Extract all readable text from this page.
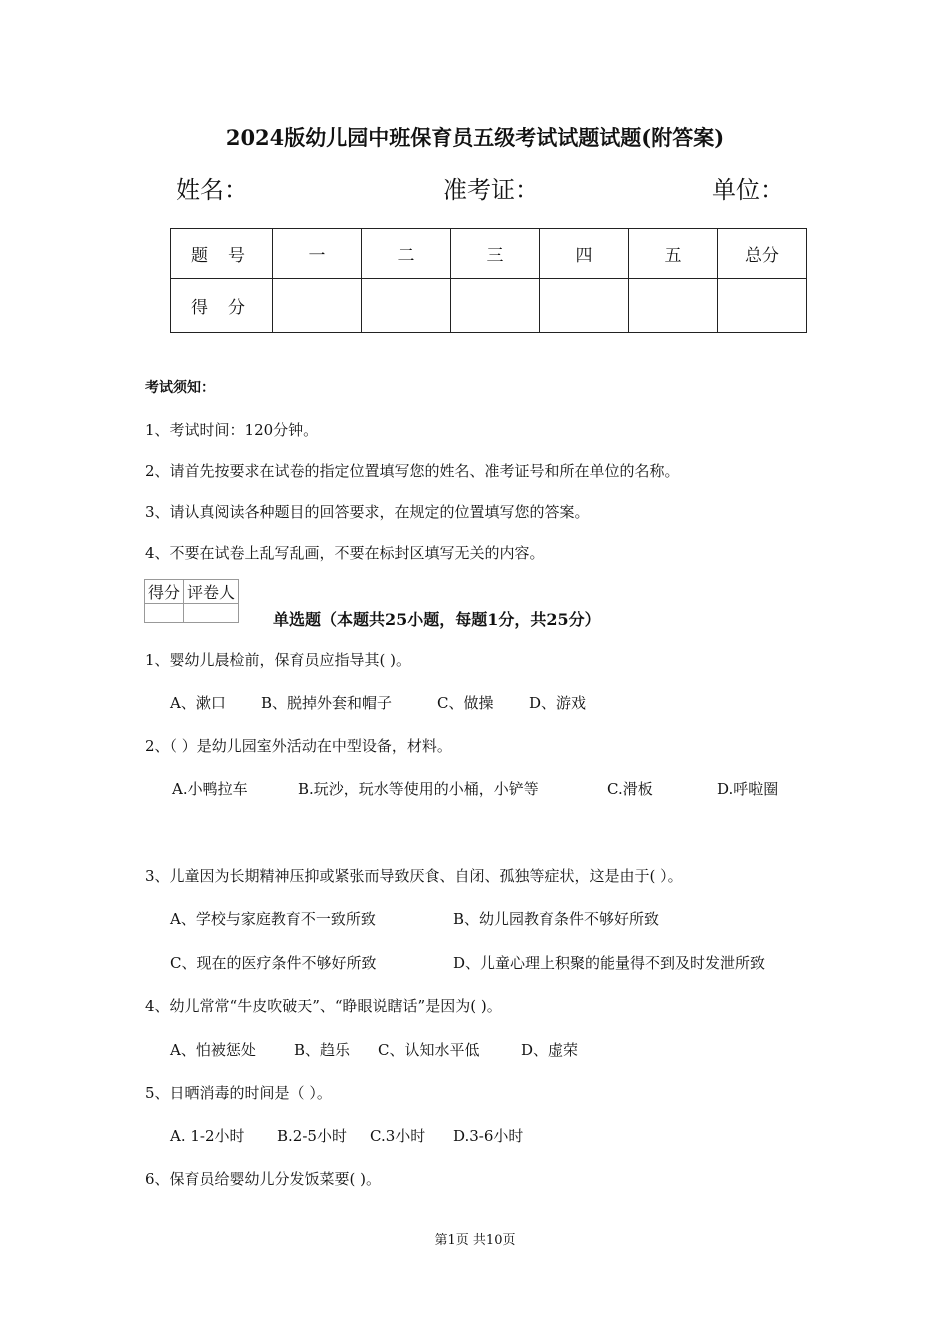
2024版幼儿园中班保育员五级考试试题试题(附答案)
姓名：	准考证：	单位：
题号	一	二	三	四	五	总分
得分						
考试须知：
1、考试时间：120分钟。
2、请首先按要求在试卷的指定位置填写您的姓名、准考证号和所在单位的名称。
3、请认真阅读各种题目的回答要求，在规定的位置填写您的答案。
4、不要在试卷上乱写乱画，不要在标封区填写无关的内容。
得分	评卷人

单选题（本题共25小题，每题1分，共25分）
1、婴幼儿晨检前，保育员应指导其( )。
A、漱口 B、脱掉外套和帽子	C、做操 D、游戏
2、（ ）是幼儿园室外活动在中型设备，材料。
A.小鸭拉车	B.玩沙，玩水等使用的小桶，小铲等	C.滑板	D.呼啦圈
3、儿童因为长期精神压抑或紧张而导致厌食、自闭、孤独等症状，这是由于( ）。
A、学校与家庭教育不一致所致	B、幼儿园教育条件不够好所致
C、现在的医疗条件不够好所致	D、儿童心理上积聚的能量得不到及时发泄所致
4、幼儿常常“牛皮吹破天”、“睁眼说瞎话”是因为( )。
A、怕被惩处	B、趋乐 C、认知水平低	D、虚荣
5、日晒消毒的时间是（ ）。
A. 1-2小时 B.2-5小时 C.3小时 D.3-6小时
6、保育员给婴幼儿分发饭菜要( )。
第1页 共10页
